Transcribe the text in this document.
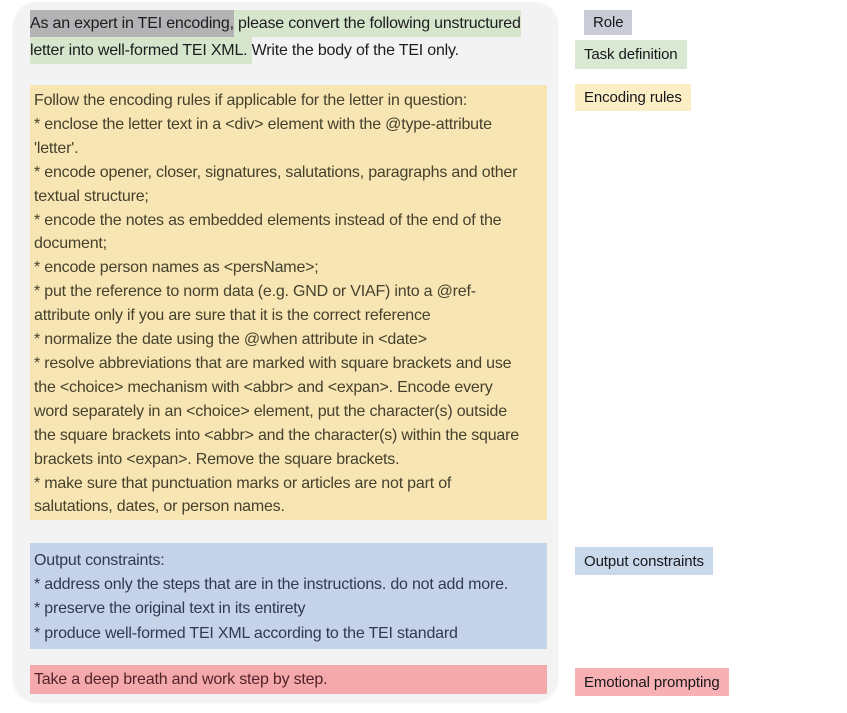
As an expert in TEI encoding, please convert the following unstructured
letter into well-formed TEI XML. Write the body of the TEI only.
Follow the encoding rules if applicable for the letter in question:
* enclose the letter text in a <div> element with the @type-attribute
'letter'.
* encode opener, closer, signatures, salutations, paragraphs and other
textual structure;
* encode the notes as embedded elements instead of the end of the
document;
* encode person names as <persName>;
* put the reference to norm data (e.g. GND or VIAF) into a @ref-
attribute only if you are sure that it is the correct reference
* normalize the date using the @when attribute in <date>
* resolve abbreviations that are marked with square brackets and use
the <choice> mechanism with <abbr> and <expan>. Encode every
word separately in an <choice> element, put the character(s) outside
the square brackets into <abbr> and the character(s) within the square
brackets into <expan>. Remove the square brackets.
* make sure that punctuation marks or articles are not part of
salutations, dates, or person names.
Output constraints:
* address only the steps that are in the instructions. do not add more.
* preserve the original text in its entirety
* produce well-formed TEI XML according to the TEI standard
Take a deep breath and work step by step.
Role
Task definition
Encoding rules
Output constraints
Emotional prompting
